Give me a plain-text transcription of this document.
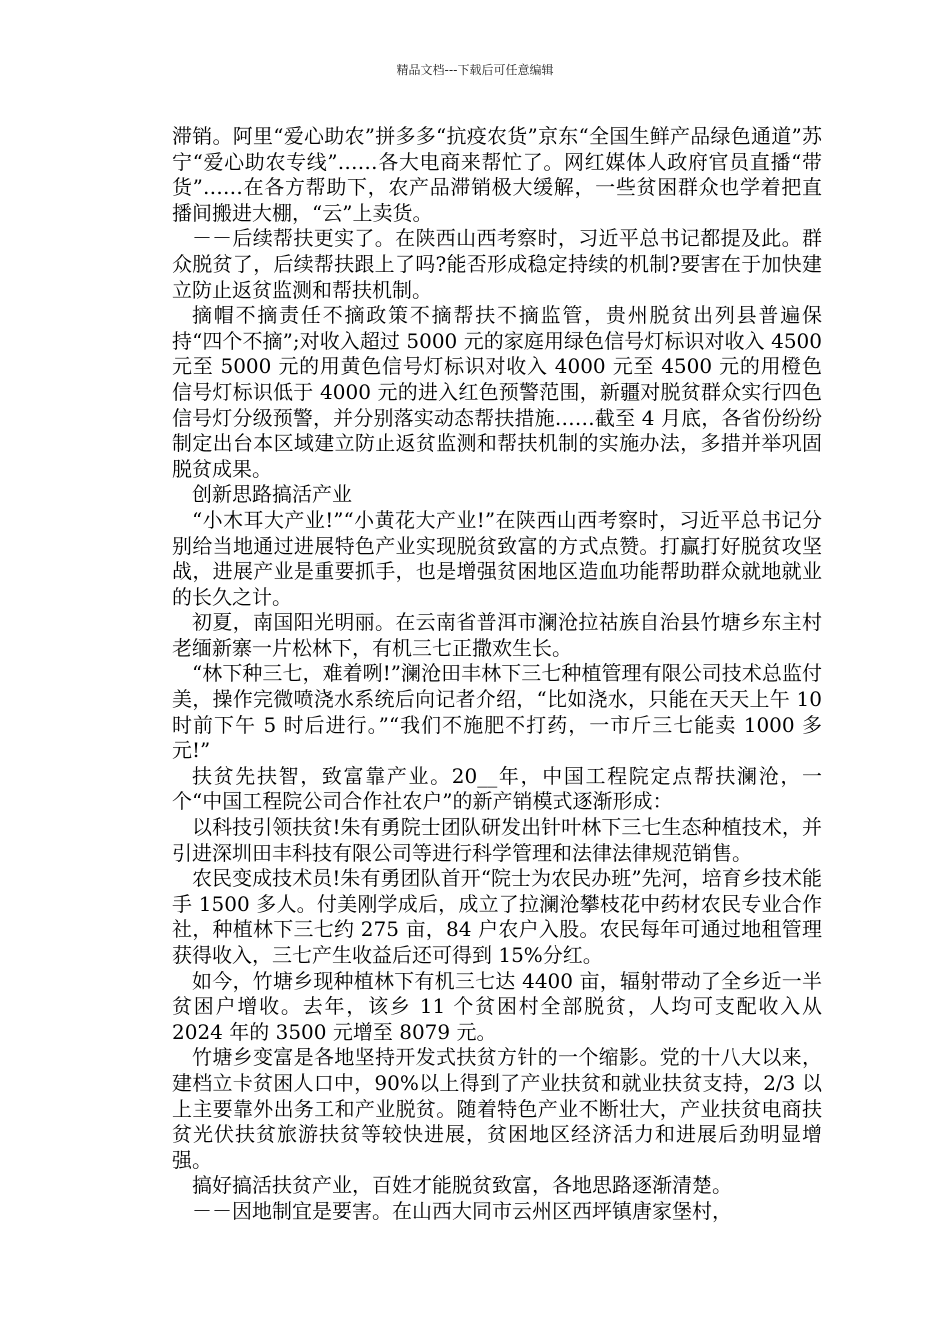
精品文档---下载后可任意编辑

滞销。阿里“爱心助农”拼多多“抗疫农货”京东“全国生鲜产品绿色通道”苏宁“爱心助农专线”……各大电商来帮忙了。网红媒体人政府官员直播“带货”……在各方帮助下，农产品滞销极大缓解，一些贫困群众也学着把直播间搬进大棚，“云”上卖货。

－－后续帮扶更实了。在陕西山西考察时，习近平总书记都提及此。群众脱贫了，后续帮扶跟上了吗?能否形成稳定持续的机制?要害在于加快建立防止返贫监测和帮扶机制。

摘帽不摘责任不摘政策不摘帮扶不摘监管，贵州脱贫出列县普遍保持“四个不摘”;对收入超过 5000 元的家庭用绿色信号灯标识对收入 4500 元至 5000 元的用黄色信号灯标识对收入 4000 元至 4500 元的用橙色信号灯标识低于 4000 元的进入红色预警范围，新疆对脱贫群众实行四色信号灯分级预警，并分别落实动态帮扶措施……截至 4 月底，各省份纷纷制定出台本区域建立防止返贫监测和帮扶机制的实施办法，多措并举巩固脱贫成果。

创新思路搞活产业

“小木耳大产业!”“小黄花大产业!”在陕西山西考察时，习近平总书记分别给当地通过进展特色产业实现脱贫致富的方式点赞。打赢打好脱贫攻坚战，进展产业是重要抓手，也是增强贫困地区造血功能帮助群众就地就业的长久之计。

初夏，南国阳光明丽。在云南省普洱市澜沧拉祜族自治县竹塘乡东主村老缅新寨一片松林下，有机三七正撒欢生长。

“林下种三七，难着咧!”澜沧田丰林下三七种植管理有限公司技术总监付美，操作完微喷浇水系统后向记者介绍，“比如浇水，只能在天天上午 10 时前下午 5 时后进行。”“我们不施肥不打药，一市斤三七能卖 1000 多元!”

扶贫先扶智，致富靠产业。20__年，中国工程院定点帮扶澜沧，一个“中国工程院公司合作社农户”的新产销模式逐渐形成：

以科技引领扶贫!朱有勇院士团队研发出针叶林下三七生态种植技术，并引进深圳田丰科技有限公司等进行科学管理和法律法律规范销售。

农民变成技术员!朱有勇团队首开“院士为农民办班”先河，培育乡技术能手 1500 多人。付美刚学成后，成立了拉澜沧攀枝花中药材农民专业合作社，种植林下三七约 275 亩，84 户农户入股。农民每年可通过地租管理获得收入，三七产生收益后还可得到 15%分红。

如今，竹塘乡现种植林下有机三七达 4400 亩，辐射带动了全乡近一半贫困户增收。去年，该乡 11 个贫困村全部脱贫，人均可支配收入从 2024 年的 3500 元增至 8079 元。

竹塘乡变富是各地坚持开发式扶贫方针的一个缩影。党的十八大以来，建档立卡贫困人口中，90%以上得到了产业扶贫和就业扶贫支持，2/3 以上主要靠外出务工和产业脱贫。随着特色产业不断壮大，产业扶贫电商扶贫光伏扶贫旅游扶贫等较快进展，贫困地区经济活力和进展后劲明显增强。

搞好搞活扶贫产业，百姓才能脱贫致富，各地思路逐渐清楚。

－－因地制宜是要害。在山西大同市云州区西坪镇唐家堡村，
